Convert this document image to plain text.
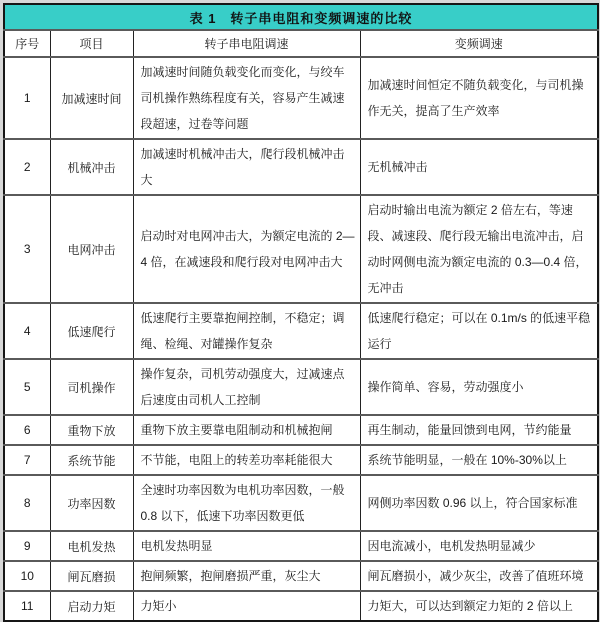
表 1　转子串电阻和变频调速的比较			
序号	项目	转子串电阻调速	变频调速
1	加减速时间	加减速时间随负载变化而变化，与绞车司机操作熟练程度有关，容易产生减速段超速，过卷等问题	加减速时间恒定不随负载变化，与司机操作无关，提高了生产效率
2	机械冲击	加减速时机械冲击大，爬行段机械冲击大	无机械冲击
3	电网冲击	启动时对电网冲击大，为额定电流的 2—4 倍，在减速段和爬行段对电网冲击大	启动时输出电流为额定 2 倍左右，等速段、减速段、爬行段无输出电流冲击，启动时网侧电流为额定电流的 0.3—0.4 倍，无冲击
4	低速爬行	低速爬行主要靠抱闸控制，不稳定；调绳、检绳、对罐操作复杂	低速爬行稳定；可以在 0.1m/s 的低速平稳运行
5	司机操作	操作复杂，司机劳动强度大，过减速点后速度由司机人工控制	操作简单、容易，劳动强度小
6	重物下放	重物下放主要靠电阻制动和机械抱闸	再生制动，能量回馈到电网，节约能量
7	系统节能	不节能，电阻上的转差功率耗能很大	系统节能明显，一般在 10%-30%以上
8	功率因数	全速时功率因数为电机功率因数，一般 0.8 以下，低速下功率因数更低	网侧功率因数 0.96 以上，符合国家标准
9	电机发热	电机发热明显	因电流减小，电机发热明显减少
10	闸瓦磨损	抱闸频繁，抱闸磨损严重，灰尘大	闸瓦磨损小，减少灰尘，改善了值班环境
11	启动力矩	力矩小	力矩大，可以达到额定力矩的 2 倍以上
